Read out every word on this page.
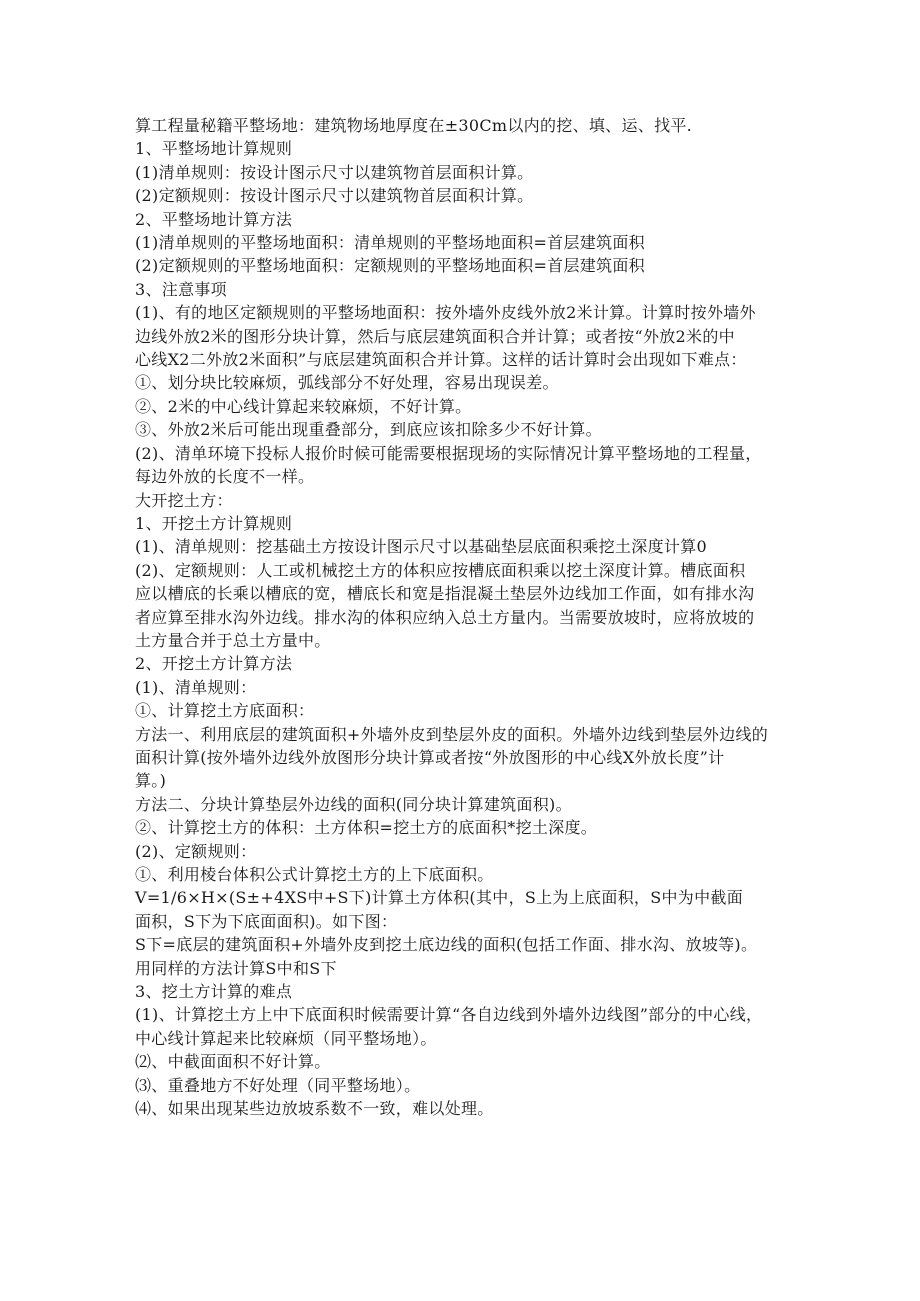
算工程量秘籍平整场地：建筑物场地厚度在±30Cm以内的挖、填、运、找平.

1、平整场地计算规则

(1)清单规则：按设计图示尺寸以建筑物首层面积计算。

(2)定额规则：按设计图示尺寸以建筑物首层面积计算。

2、平整场地计算方法

(1)清单规则的平整场地面积：清单规则的平整场地面积=首层建筑面积

(2)定额规则的平整场地面积：定额规则的平整场地面积=首层建筑面积

3、注意事项

(1)、有的地区定额规则的平整场地面积：按外墙外皮线外放2米计算。计算时按外墙外

边线外放2米的图形分块计算，然后与底层建筑面积合并计算；或者按“外放2米的中

心线X2二外放2米面积”与底层建筑面积合并计算。这样的话计算时会出现如下难点：

①、划分块比较麻烦，弧线部分不好处理，容易出现误差。

②、2米的中心线计算起来较麻烦，不好计算。

③、外放2米后可能出现重叠部分，到底应该扣除多少不好计算。

(2)、清单环境下投标人报价时候可能需要根据现场的实际情况计算平整场地的工程量，

每边外放的长度不一样。

大开挖土方：

1、开挖土方计算规则

(1)、清单规则：挖基础土方按设计图示尺寸以基础垫层底面积乘挖土深度计算0

(2)、定额规则：人工或机械挖土方的体积应按槽底面积乘以挖土深度计算。槽底面积

应以槽底的长乘以槽底的宽，槽底长和宽是指混凝土垫层外边线加工作面，如有排水沟

者应算至排水沟外边线。排水沟的体积应纳入总土方量内。当需要放坡时，应将放坡的

土方量合并于总土方量中。

2、开挖土方计算方法

(1)、清单规则：

①、计算挖土方底面积：

方法一、利用底层的建筑面积+外墙外皮到垫层外皮的面积。外墙外边线到垫层外边线的

面积计算(按外墙外边线外放图形分块计算或者按“外放图形的中心线X外放长度”计

算。)

方法二、分块计算垫层外边线的面积(同分块计算建筑面积)。

②、计算挖土方的体积：土方体积=挖土方的底面积*挖土深度。

(2)、定额规则：

①、利用棱台体积公式计算挖土方的上下底面积。

V=1/6×H×(S±+4XS中+S下)计算土方体积(其中，S上为上底面积，S中为中截面

面积，S下为下底面面积)。如下图：

S下=底层的建筑面积+外墙外皮到挖土底边线的面积(包括工作面、排水沟、放坡等)。

用同样的方法计算S中和S下

3、挖土方计算的难点

(1)、计算挖土方上中下底面积时候需要计算“各自边线到外墙外边线图”部分的中心线，

中心线计算起来比较麻烦（同平整场地）。

⑵、中截面面积不好计算。

⑶、重叠地方不好处理（同平整场地）。

⑷、如果出现某些边放坡系数不一致，难以处理。
